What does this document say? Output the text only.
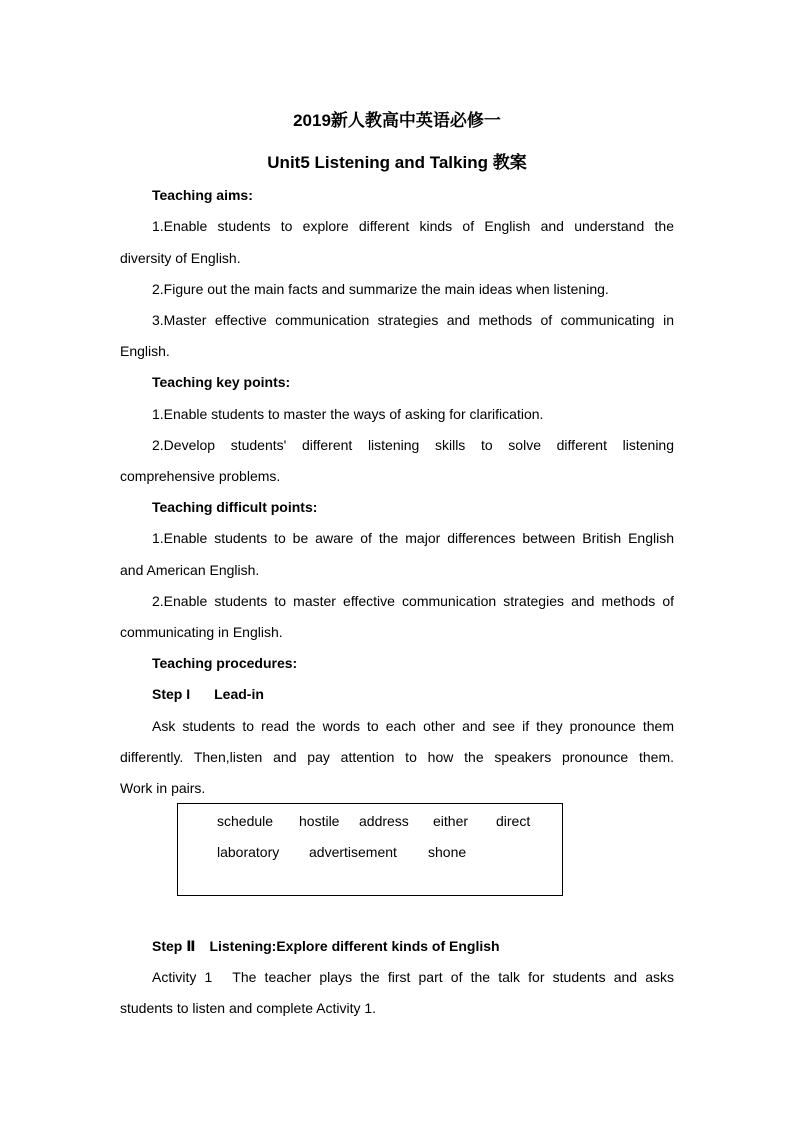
2019新人教高中英语必修一
Unit5 Listening and Talking 教案
Teaching aims:
1.Enable students to explore different kinds of English and understand the
diversity of English.
2.Figure out the main facts and summarize the main ideas when listening.
3.Master effective communication strategies and methods of communicating in
English.
Teaching key points:
1.Enable students to master the ways of asking for clarification.
2.Develop students' different listening skills to solve different listening
comprehensive problems.
Teaching difficult points:
1.Enable students to be aware of the major differences between British English
and American English.
2.Enable students to master effective communication strategies and methods of
communicating in English.
Teaching procedures:
Step I Lead-in
Ask students to read the words to each other and see if they pronounce them
differently. Then,listen and pay attention to how the speakers pronounce them.
Work in pairs.
schedule hostile address either direct
laboratory advertisement shone
Step Ⅱ Listening:Explore different kinds of English
Activity 1 The teacher plays the first part of the talk for students and asks
students to listen and complete Activity 1.
